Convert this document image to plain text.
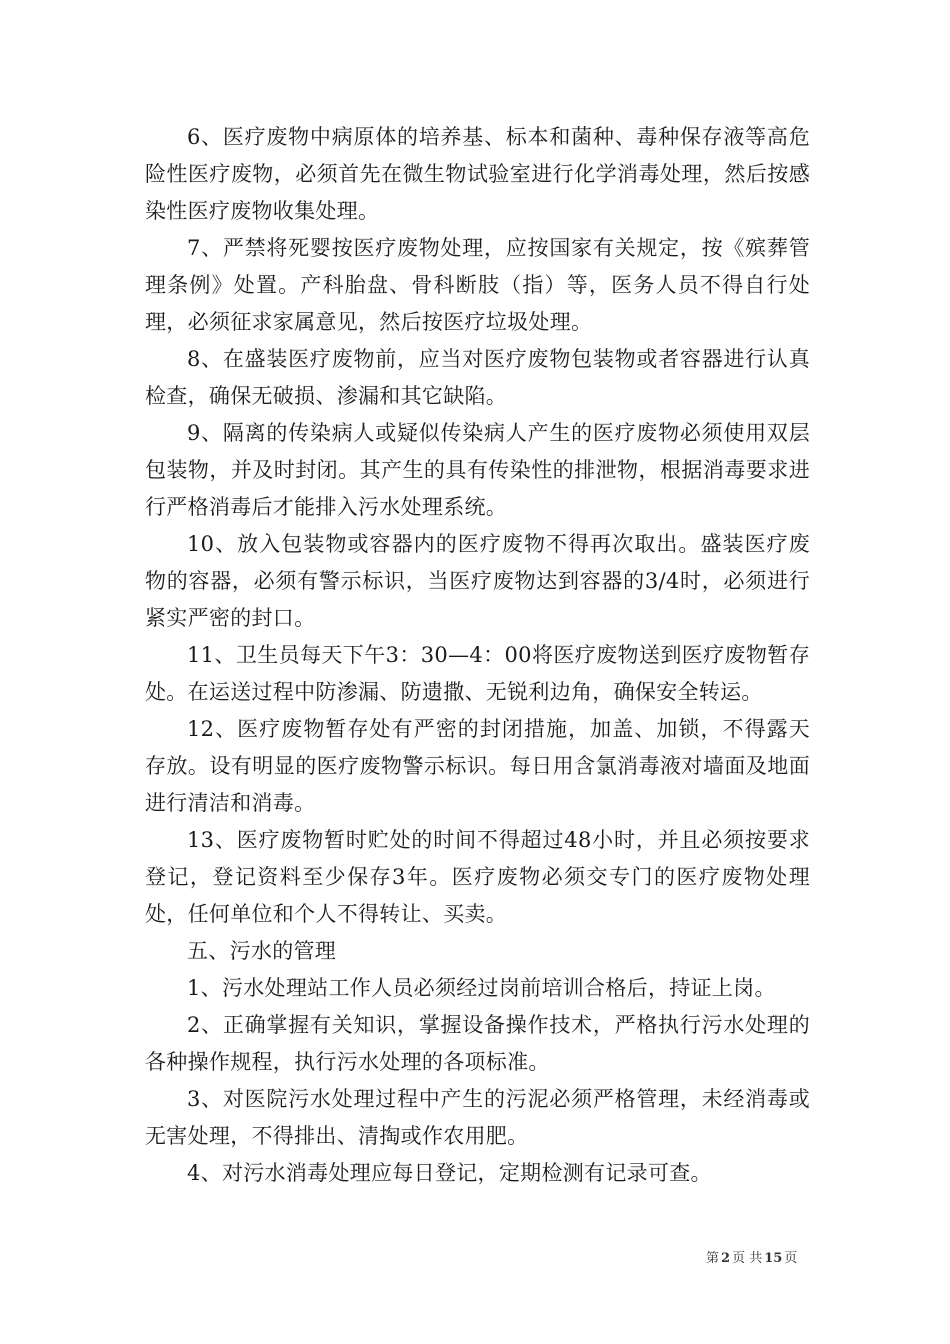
6、医疗废物中病原体的培养基、标本和菌种、毒种保存液等高危险性医疗废物，必须首先在微生物试验室进行化学消毒处理，然后按感染性医疗废物收集处理。

7、严禁将死婴按医疗废物处理，应按国家有关规定，按《殡葬管理条例》处置。产科胎盘、骨科断肢（指）等，医务人员不得自行处理，必须征求家属意见，然后按医疗垃圾处理。

8、在盛装医疗废物前，应当对医疗废物包装物或者容器进行认真检查，确保无破损、渗漏和其它缺陷。

9、隔离的传染病人或疑似传染病人产生的医疗废物必须使用双层包装物，并及时封闭。其产生的具有传染性的排泄物，根据消毒要求进行严格消毒后才能排入污水处理系统。

10、放入包装物或容器内的医疗废物不得再次取出。盛装医疗废物的容器，必须有警示标识，当医疗废物达到容器的3/4时，必须进行紧实严密的封口。

11、卫生员每天下午3：30—4：00将医疗废物送到医疗废物暂存处。在运送过程中防渗漏、防遗撒、无锐利边角，确保安全转运。

12、医疗废物暂存处有严密的封闭措施，加盖、加锁，不得露天存放。设有明显的医疗废物警示标识。每日用含氯消毒液对墙面及地面进行清洁和消毒。

13、医疗废物暂时贮处的时间不得超过48小时，并且必须按要求登记，登记资料至少保存3年。医疗废物必须交专门的医疗废物处理处，任何单位和个人不得转让、买卖。

五、污水的管理

1、污水处理站工作人员必须经过岗前培训合格后，持证上岗。

2、正确掌握有关知识，掌握设备操作技术，严格执行污水处理的各种操作规程，执行污水处理的各项标准。

3、对医院污水处理过程中产生的污泥必须严格管理，未经消毒或无害处理，不得排出、清掏或作农用肥。

4、对污水消毒处理应每日登记，定期检测有记录可查。

第 2 页 共 15 页
